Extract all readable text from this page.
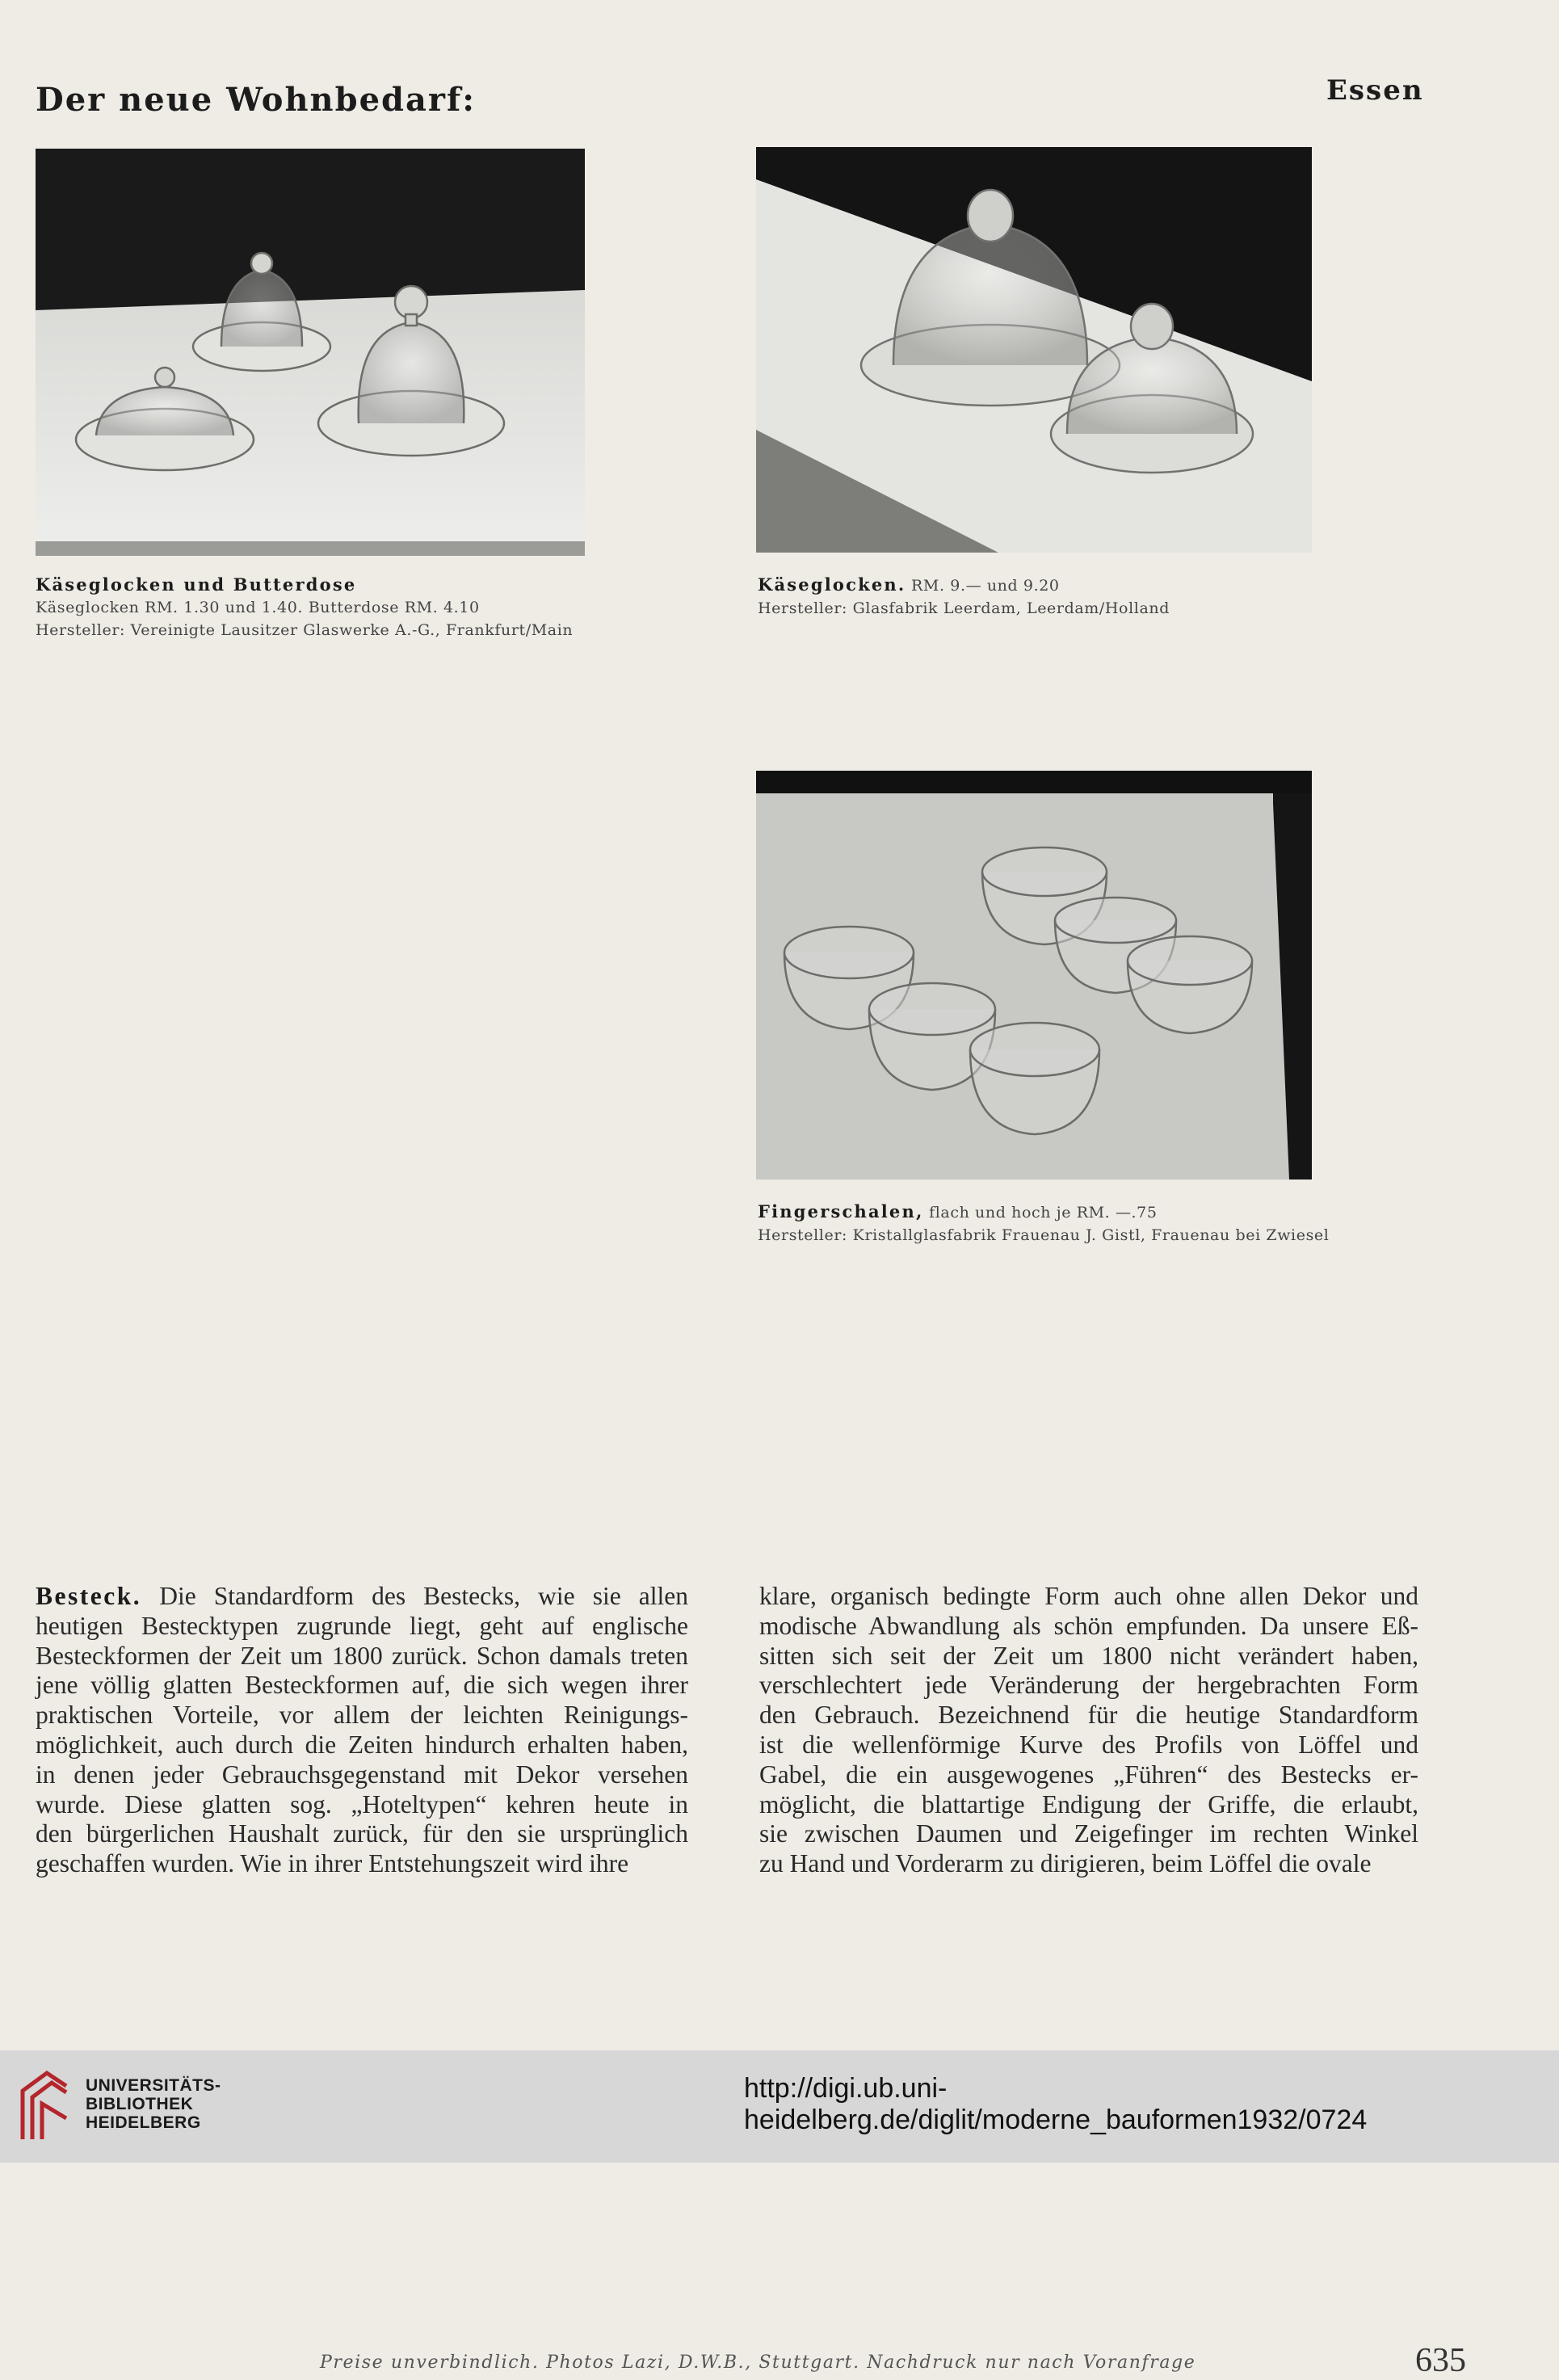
Der neue Wohnbedarf:	Essen
Käseglocken und Butterdose
Käseglocken RM. 1.30 und 1.40. Butterdose RM. 4.10
Hersteller: Vereinigte Lausitzer Glaswerke A.-G., Frankfurt/Main
Käseglocken. RM. 9.— und 9.20
Hersteller: Glasfabrik Leerdam, Leerdam/Holland
Fingerschalen, flach und hoch je RM. —.75
Hersteller: Kristallglasfabrik Frauenau J. Gistl, Frauenau bei Zwiesel
Besteck. Die Standardform des Bestecks, wie sie allen
heutigen Bestecktypen zugrunde liegt, geht auf englische
Besteckformen der Zeit um 1800 zurück. Schon damals treten
jene völlig glatten Besteckformen auf, die sich wegen ihrer
praktischen Vorteile, vor allem der leichten Reinigungs-
möglichkeit, auch durch die Zeiten hindurch erhalten haben,
in denen jeder Gebrauchsgegenstand mit Dekor versehen
wurde. Diese glatten sog. „Hoteltypen“ kehren heute in
den bürgerlichen Haushalt zurück, für den sie ursprünglich
geschaffen wurden. Wie in ihrer Entstehungszeit wird ihre
klare, organisch bedingte Form auch ohne allen Dekor und
modische Abwandlung als schön empfunden. Da unsere Eß-
sitten sich seit der Zeit um 1800 nicht verändert haben,
verschlechtert jede Veränderung der hergebrachten Form
den Gebrauch. Bezeichnend für die heutige Standardform
ist die wellenförmige Kurve des Profils von Löffel und
Gabel, die ein ausgewogenes „Führen“ des Bestecks er-
möglicht, die blattartige Endigung der Griffe, die erlaubt,
sie zwischen Daumen und Zeigefinger im rechten Winkel
zu Hand und Vorderarm zu dirigieren, beim Löffel die ovale
Preise unverbindlich. Photos Lazi, D.W.B., Stuttgart. Nachdruck nur nach Voranfrage	635
UNIVERSITÄTS-
BIBLIOTHEK
HEIDELBERG
http://digi.ub.uni-heidelberg.de/diglit/moderne_bauformen1932/0724
